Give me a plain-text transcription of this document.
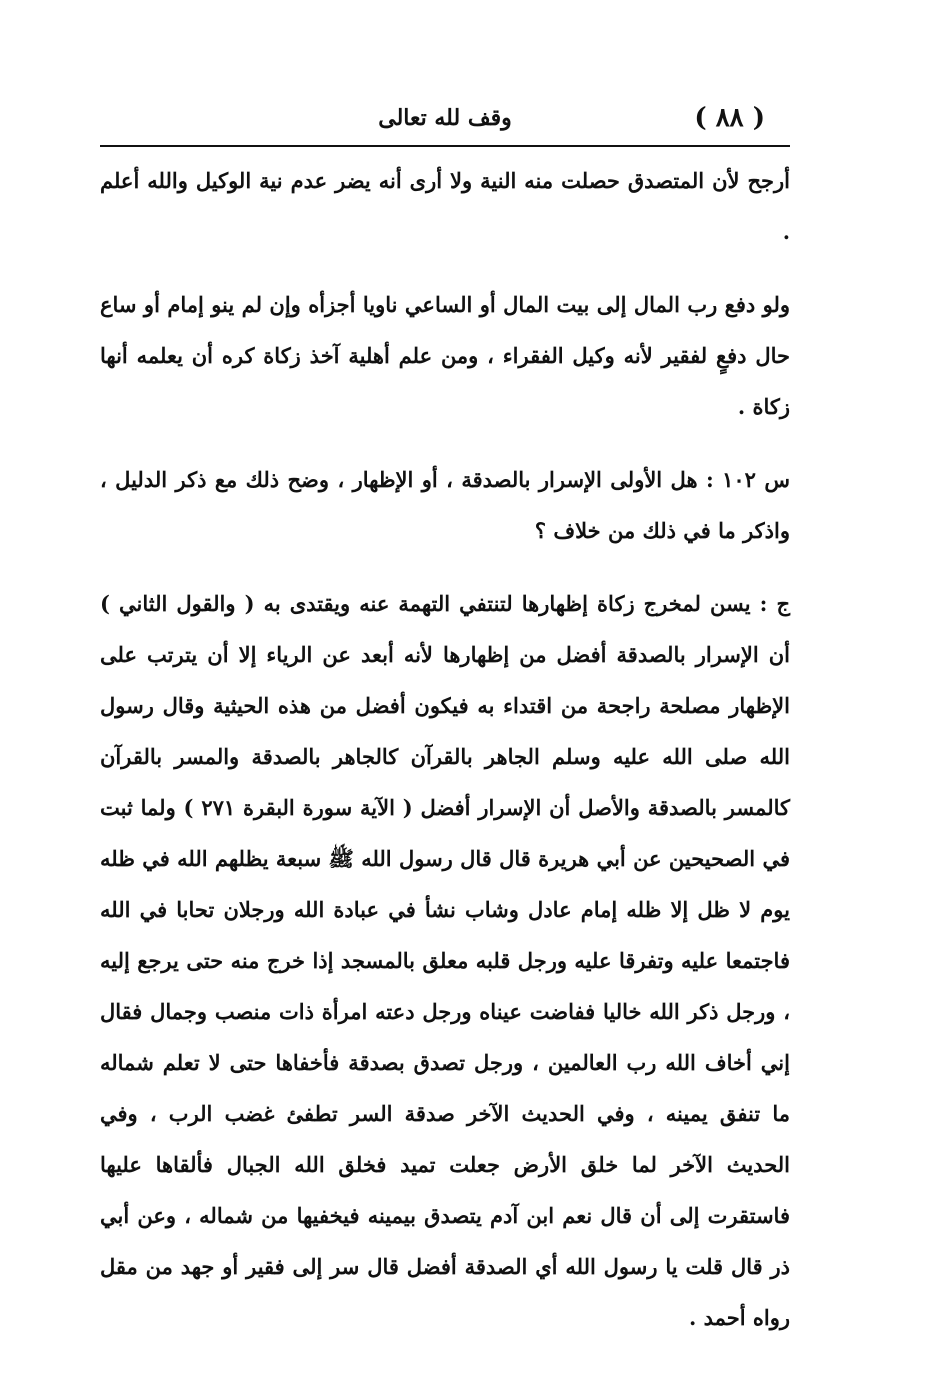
وقف لله تعالى	( ٨٨ )

أرجح لأن المتصدق حصلت منه النية ولا أرى أنه يضر عدم نية الوكيل والله أعلم .

ولو دفع رب المال إلى بيت المال أو الساعي ناويا أجزأه وإن لم ينو إمام أو ساع حال دفعٍ لفقير لأنه وكيل الفقراء ، ومن علم أهلية آخذ زكاة كره أن يعلمه أنها زكاة .

س ١٠٢ : هل الأولى الإسرار بالصدقة ، أو الإظهار ، وضح ذلك مع ذكر الدليل ، واذكر ما في ذلك من خلاف ؟

ج : يسن لمخرج زكاة إظهارها لتنتفي التهمة عنه ويقتدى به ( والقول الثاني ) أن الإسرار بالصدقة أفضل من إظهارها لأنه أبعد عن الرياء إلا أن يترتب على الإظهار مصلحة راجحة من اقتداء به فيكون أفضل من هذه الحيثية وقال رسول الله صلى الله عليه وسلم الجاهر بالقرآن كالجاهر بالصدقة والمسر بالقرآن كالمسر بالصدقة والأصل أن الإسرار أفضل ( الآية سورة البقرة ٢٧١ ) ولما ثبت في الصحيحين عن أبي هريرة قال قال رسول الله ﷺ سبعة يظلهم الله في ظله يوم لا ظل إلا ظله إمام عادل وشاب نشأ في عبادة الله ورجلان تحابا في الله فاجتمعا عليه وتفرقا عليه ورجل قلبه معلق بالمسجد إذا خرج منه حتى يرجع إليه ، ورجل ذكر الله خاليا ففاضت عيناه ورجل دعته امرأة ذات منصب وجمال فقال إني أخاف الله رب العالمين ، ورجل تصدق بصدقة فأخفاها حتى لا تعلم شماله ما تنفق يمينه ، وفي الحديث الآخر صدقة السر تطفئ غضب الرب ، وفي الحديث الآخر لما خلق الأرض جعلت تميد فخلق الله الجبال فألقاها عليها فاستقرت إلى أن قال نعم ابن آدم يتصدق بيمينه فيخفيها من شماله ، وعن أبي ذر قال قلت يا رسول الله أي الصدقة أفضل قال سر إلى فقير أو جهد من مقل رواه أحمد .
